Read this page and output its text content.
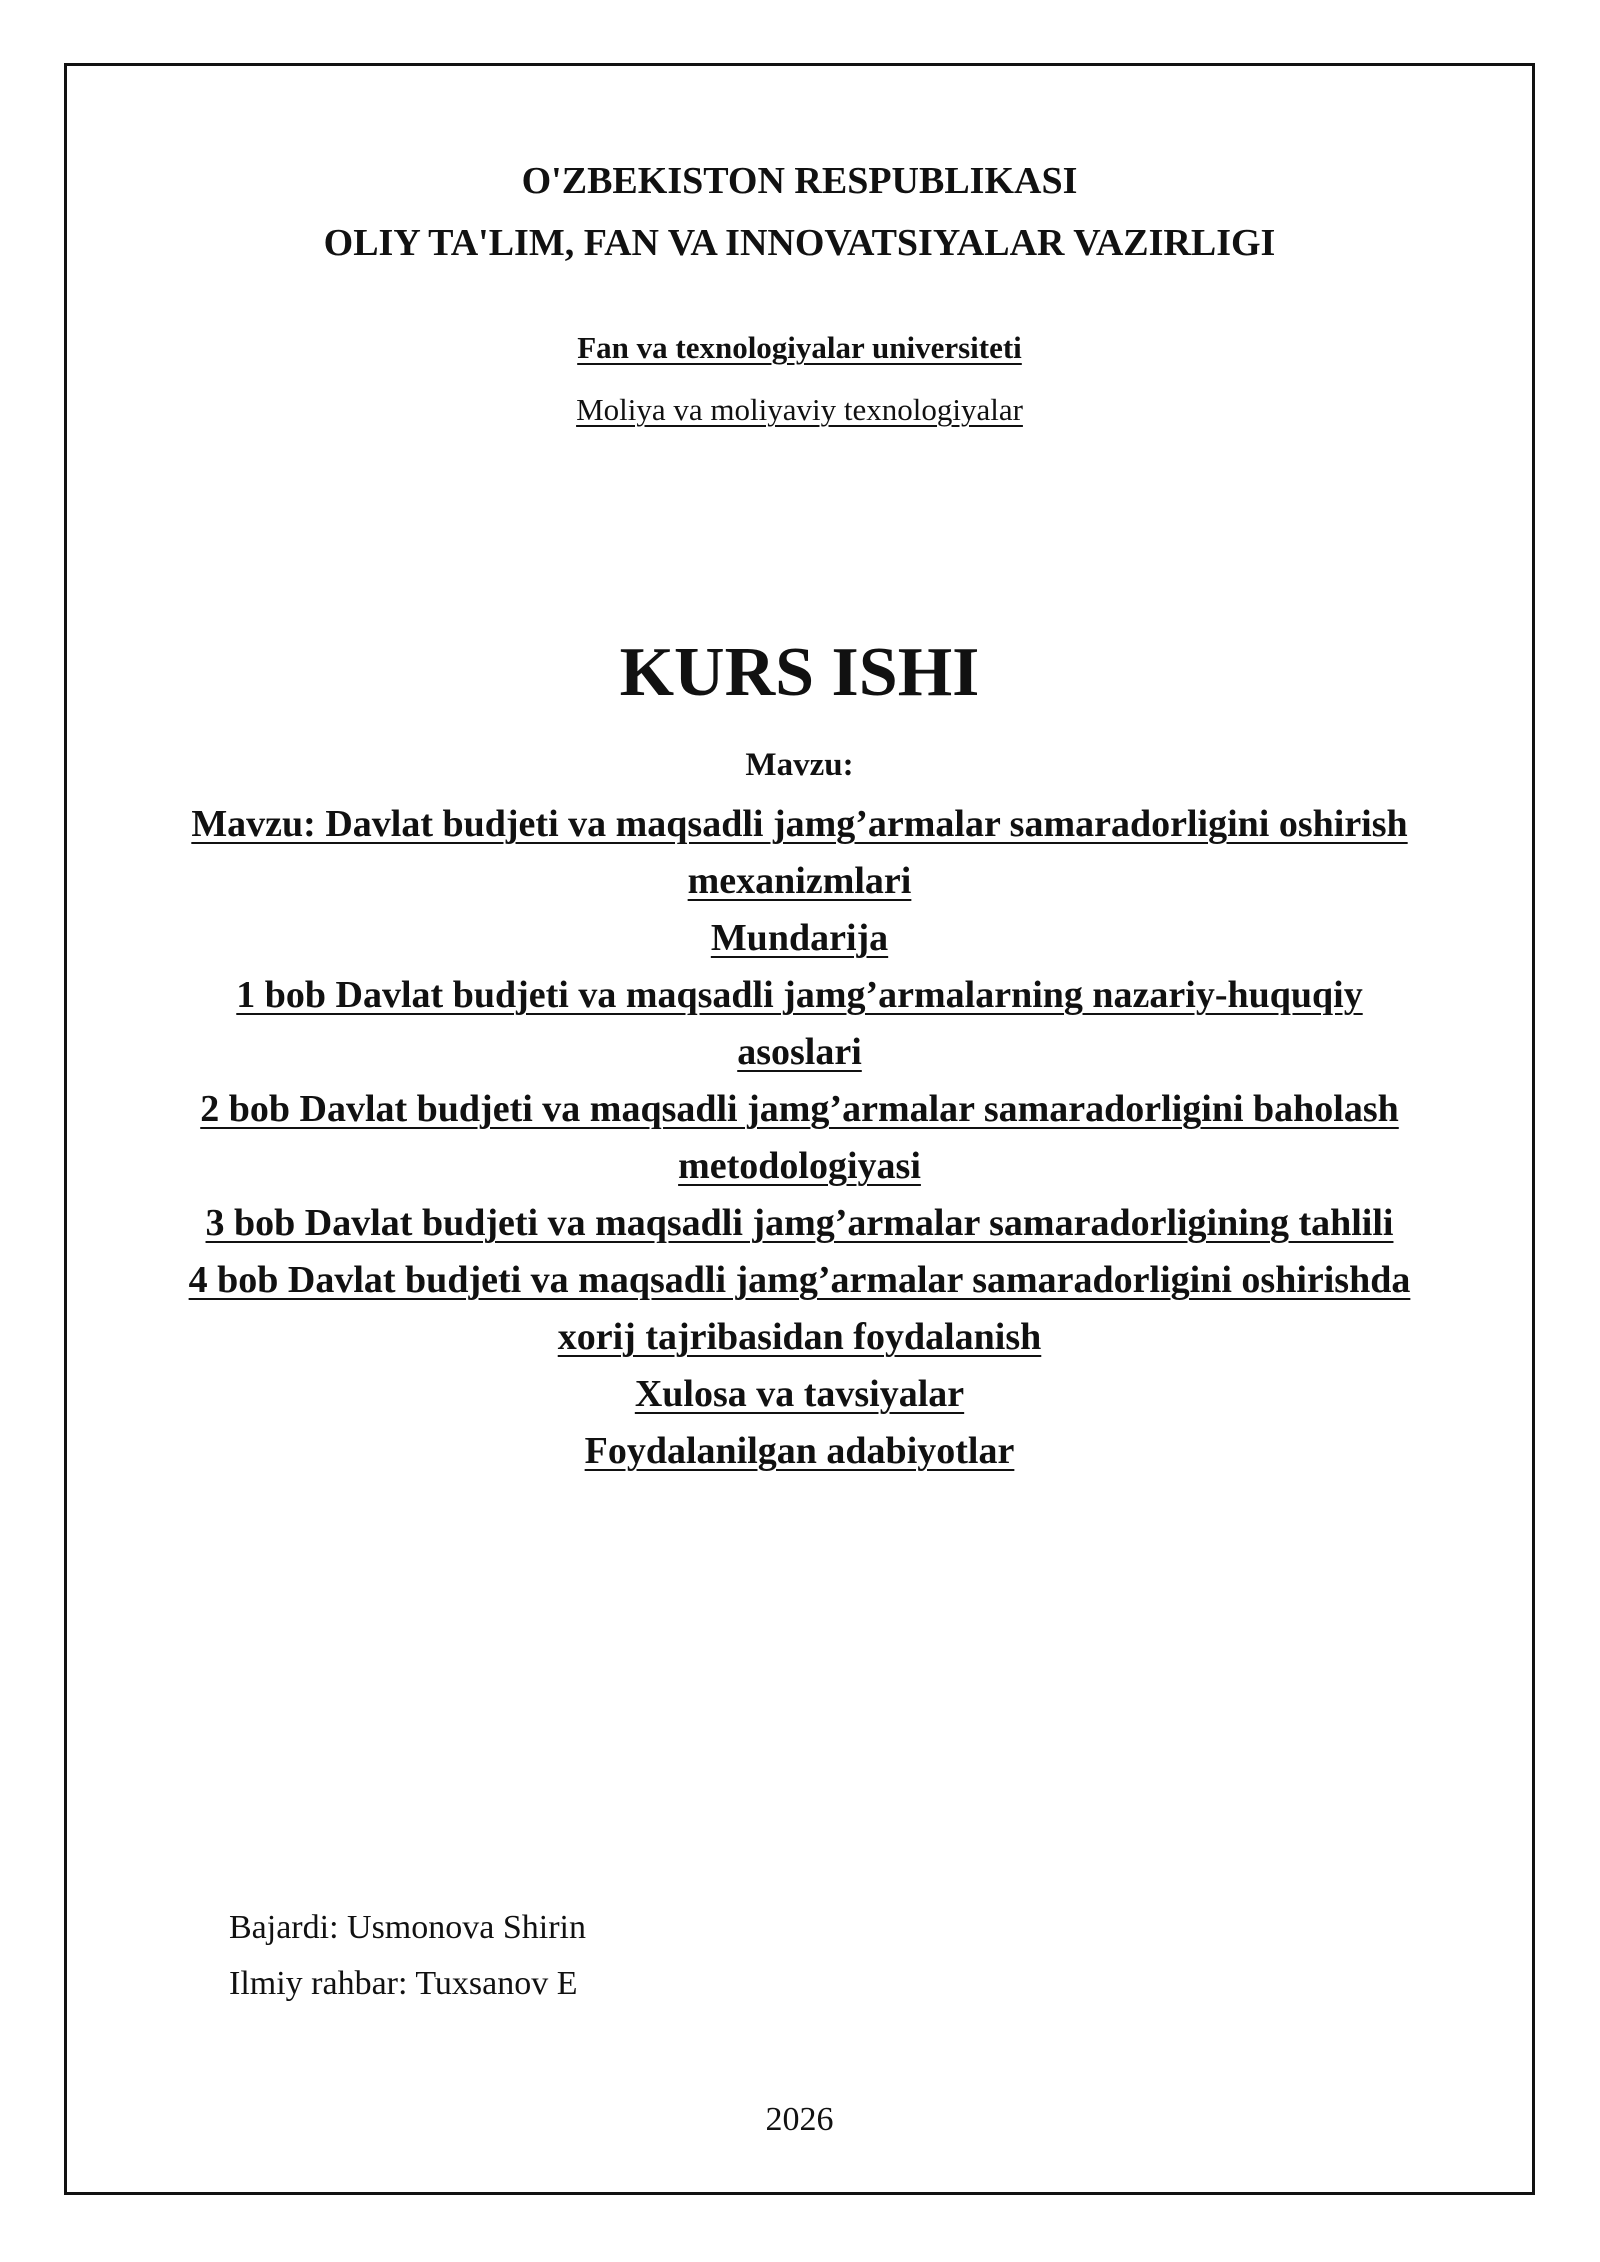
O'ZBEKISTON RESPUBLIKASI
OLIY TA'LIM, FAN VA INNOVATSIYALAR VAZIRLIGI
Fan va texnologiyalar universiteti
Moliya va moliyaviy texnologiyalar
KURS ISHI
Mavzu:
Mavzu: Davlat budjeti va maqsadli jamg’armalar samaradorligini oshirish mexanizmlari
Mundarija
1 bob Davlat budjeti va maqsadli jamg’armalarning nazariy-huquqiy asoslari
2 bob Davlat budjeti va maqsadli jamg’armalar samaradorligini baholash metodologiyasi
3 bob Davlat budjeti va maqsadli jamg’armalar samaradorligining tahlili
4 bob Davlat budjeti va maqsadli jamg’armalar samaradorligini oshirishda xorij tajribasidan foydalanish
Xulosa va tavsiyalar
Foydalanilgan adabiyotlar
Bajardi: Usmonova Shirin
Ilmiy rahbar: Tuxsanov E
2026
